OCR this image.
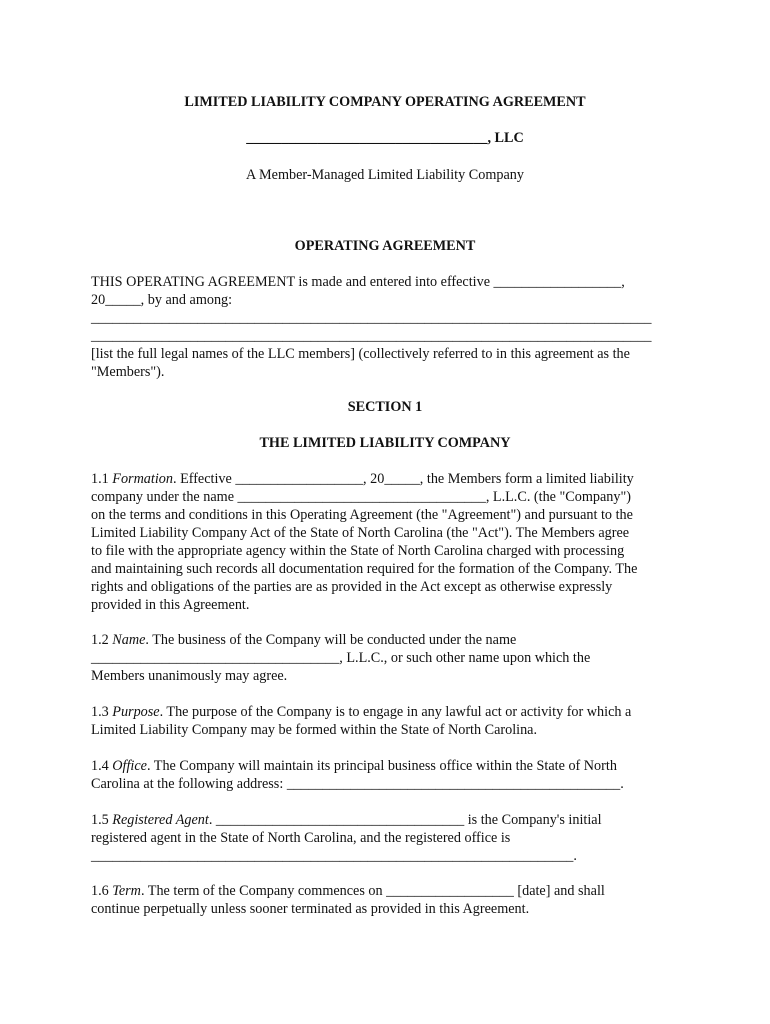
LIMITED LIABILITY COMPANY OPERATING AGREEMENT
__________________________________, LLC
A Member-Managed Limited Liability Company
OPERATING AGREEMENT
THIS OPERATING AGREEMENT is made and entered into effective __________________,
20_____, by and among:
_______________________________________________________________________________
_______________________________________________________________________________
[list the full legal names of the LLC members] (collectively referred to in this agreement as the
"Members").
SECTION 1
THE LIMITED LIABILITY COMPANY
1.1 Formation. Effective __________________, 20_____, the Members form a limited liability
company under the name ___________________________________, L.L.C. (the "Company")
on the terms and conditions in this Operating Agreement (the "Agreement") and pursuant to the
Limited Liability Company Act of the State of North Carolina (the "Act"). The Members agree
to file with the appropriate agency within the State of North Carolina charged with processing
and maintaining such records all documentation required for the formation of the Company. The
rights and obligations of the parties are as provided in the Act except as otherwise expressly
provided in this Agreement.
1.2 Name. The business of the Company will be conducted under the name
___________________________________, L.L.C., or such other name upon which the
Members unanimously may agree.
1.3 Purpose. The purpose of the Company is to engage in any lawful act or activity for which a
Limited Liability Company may be formed within the State of North Carolina.
1.4 Office. The Company will maintain its principal business office within the State of North
Carolina at the following address: _______________________________________________.
1.5 Registered Agent. ___________________________________ is the Company's initial
registered agent in the State of North Carolina, and the registered office is
____________________________________________________________________.
1.6 Term. The term of the Company commences on __________________ [date] and shall
continue perpetually unless sooner terminated as provided in this Agreement.
